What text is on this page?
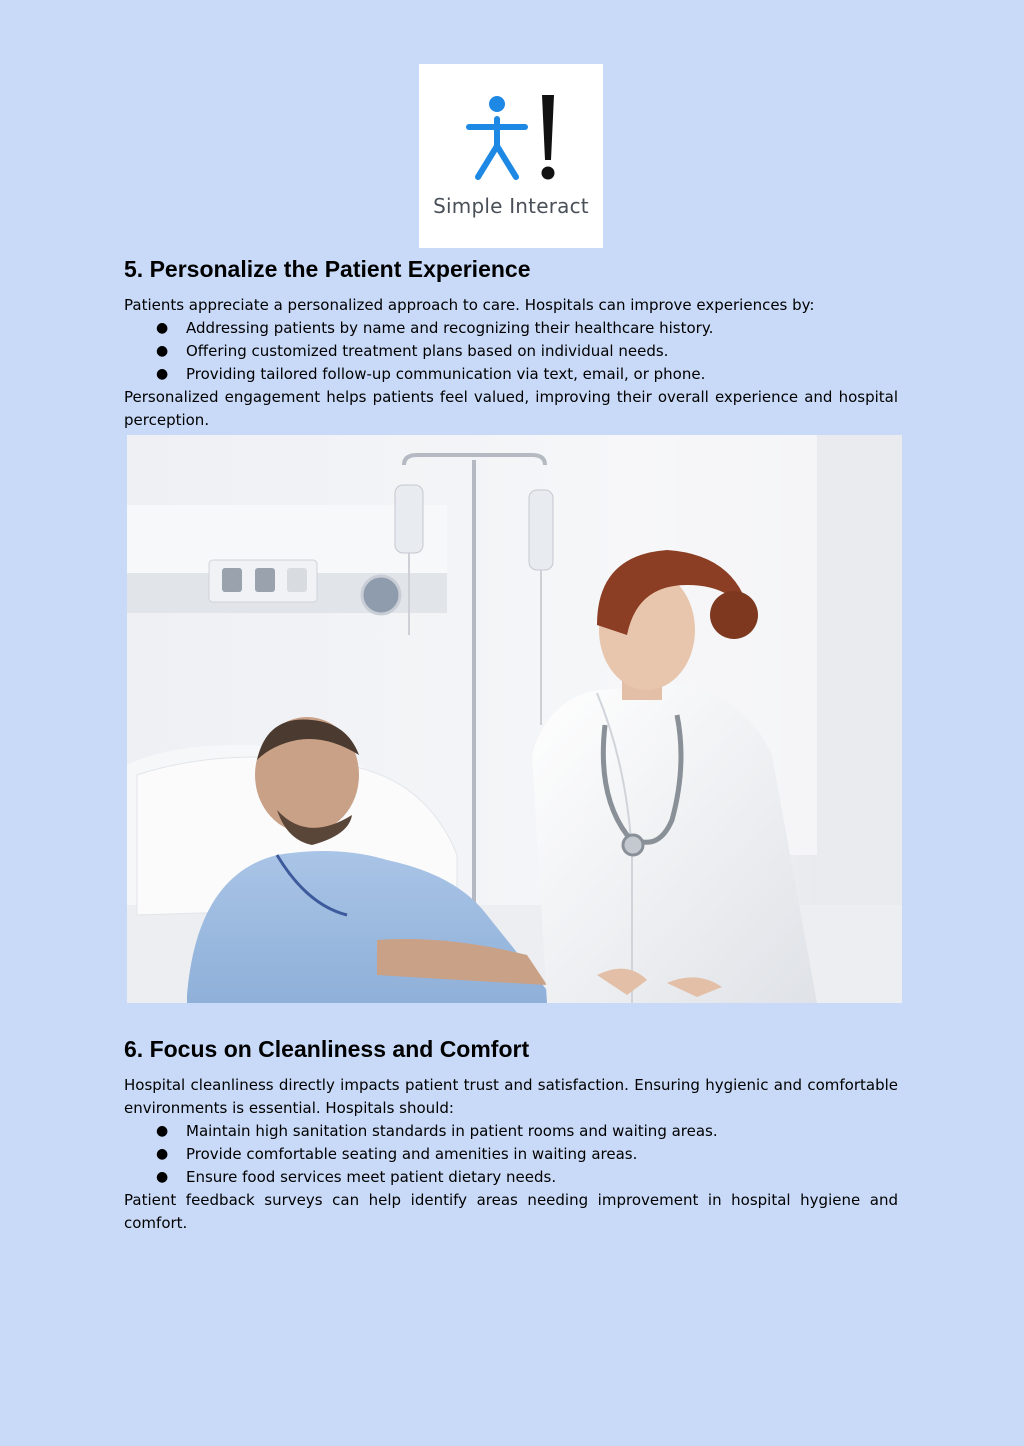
Simple Interact
5. Personalize the Patient Experience

Patients appreciate a personalized approach to care. Hospitals can improve experiences by:

● Addressing patients by name and recognizing their healthcare history.
● Offering customized treatment plans based on individual needs.
● Providing tailored follow-up communication via text, email, or phone.

Personalized engagement helps patients feel valued, improving their overall experience and hospital perception.

6. Focus on Cleanliness and Comfort

Hospital cleanliness directly impacts patient trust and satisfaction. Ensuring hygienic and comfortable environments is essential. Hospitals should:

● Maintain high sanitation standards in patient rooms and waiting areas.
● Provide comfortable seating and amenities in waiting areas.
● Ensure food services meet patient dietary needs.

Patient feedback surveys can help identify areas needing improvement in hospital hygiene and comfort.
